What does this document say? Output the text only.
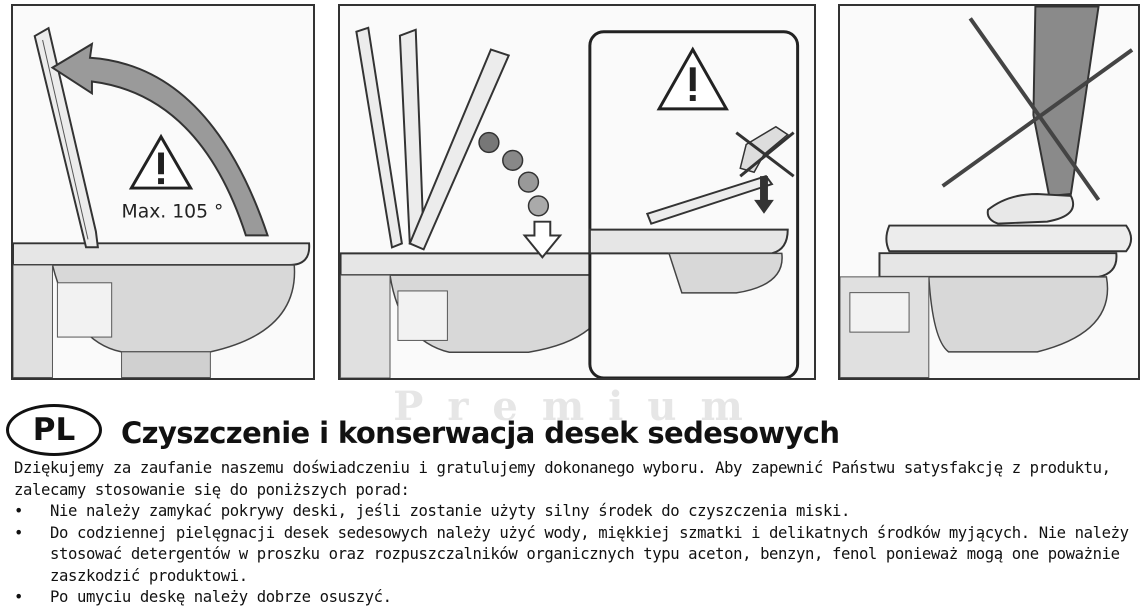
Max. 105 °
Premium
PL	Czyszczenie i konserwacja desek sedesowych

Dziękujemy za zaufanie naszemu doświadczeniu i gratulujemy dokonanego wyboru. Aby zapewnić Państwu satysfakcję z produktu, zalecamy stosowanie się do poniższych porad:

•	Nie należy zamykać pokrywy deski, jeśli zostanie użyty silny środek do czyszczenia miski.
•	Do codziennej pielęgnacji desek sedesowych należy użyć wody, miękkiej szmatki i delikatnych środków myjących. Nie należy stosować detergentów w proszku oraz rozpuszczalników organicznych typu aceton, benzyn, fenol ponieważ mogą one poważnie zaszkodzić produktowi.
•	Po umyciu deskę należy dobrze osuszyć.
